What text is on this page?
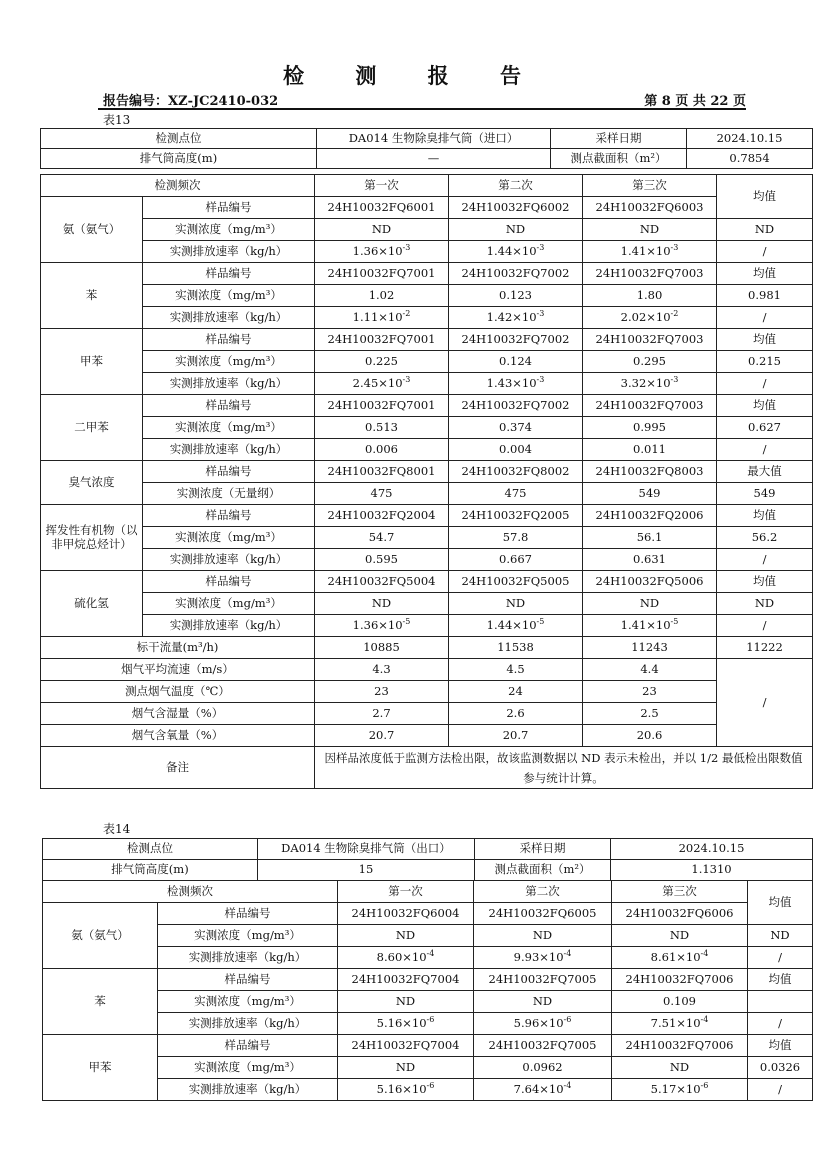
检 测 报 告
报告编号：XZ-JC2410-032	第 8 页 共 22 页
表13
检测点位	DA014 生物除臭排气筒（进口）	采样日期	2024.10.15
排气筒高度(m)	—	测点截面积（m²）	0.7854
检测频次		第一次	第二次	第三次	均值
氨（氨气）	样品编号	24H10032FQ6001	24H10032FQ6002	24H10032FQ6003	
	实测浓度（mg/m³）	ND	ND	ND	ND
	实测排放速率（kg/h）	$1.36\times 10^{-3}$	$1.44\times 10^{-3}$	$1.41\times 10^{-3}$	/
苯	样品编号	24H10032FQ7001	24H10032FQ7002	24H10032FQ7003	均值
	实测浓度（mg/m³）	1.02	0.123	1.80	0.981
	实测排放速率（kg/h）	$1.11\times 10^{-2}$	$1.42\times 10^{-3}$	$2.02\times 10^{-2}$	/
甲苯	样品编号	24H10032FQ7001	24H10032FQ7002	24H10032FQ7003	均值
	实测浓度（mg/m³）	0.225	0.124	0.295	0.215
	实测排放速率（kg/h）	$2.45\times 10^{-3}$	$1.43\times 10^{-3}$	$3.32\times 10^{-3}$	/
二甲苯	样品编号	24H10032FQ7001	24H10032FQ7002	24H10032FQ7003	均值
	实测浓度（mg/m³）	0.513	0.374	0.995	0.627
	实测排放速率（kg/h）	0.006	0.004	0.011	/
臭气浓度	样品编号	24H10032FQ8001	24H10032FQ8002	24H10032FQ8003	最大值
	实测浓度（无量纲）	475	475	549	549
挥发性有机物（以非甲烷总烃计）	样品编号	24H10032FQ2004	24H10032FQ2005	24H10032FQ2006	均值
	实测浓度（mg/m³）	54.7	57.8	56.1	56.2
	实测排放速率（kg/h）	0.595	0.667	0.631	/
硫化氢	样品编号	24H10032FQ5004	24H10032FQ5005	24H10032FQ5006	均值
	实测浓度（mg/m³）	ND	ND	ND	ND
	实测排放速率（kg/h）	$1.36\times 10^{-5}$	$1.44\times 10^{-5}$	$1.41\times 10^{-5}$	/
标干流量(m³/h)		10885	11538	11243	11222
烟气平均流速（m/s）		4.3	4.5	4.4	/
测点烟气温度（℃）		23	24	23	
烟气含湿量（%）		2.7	2.6	2.5	
烟气含氧量（%）		20.7	20.7	20.6	
备注		因样品浓度低于监测方法检出限，故该监测数据以 ND 表示未检出，并以 1/2 最低检出限数值参与统计计算。			
表14
检测点位	DA014 生物除臭排气筒（出口）	采样日期	2024.10.15
排气筒高度(m)	15	测点截面积（m²）	1.1310
检测频次		第一次	第二次	第三次	均值
氨（氨气）	样品编号	24H10032FQ6004	24H10032FQ6005	24H10032FQ6006	
	实测浓度（mg/m³）	ND	ND	ND	ND
	实测排放速率（kg/h）	$8.60\times 10^{-4}$	$9.93\times 10^{-4}$	$8.61\times 10^{-4}$	/
苯	样品编号	24H10032FQ7004	24H10032FQ7005	24H10032FQ7006	均值
	实测浓度（mg/m³）	ND	ND	0.109	
	实测排放速率（kg/h）	$5.16\times 10^{-6}$	$5.96\times 10^{-6}$	$7.51\times 10^{-4}$	/
甲苯	样品编号	24H10032FQ7004	24H10032FQ7005	24H10032FQ7006	均值
	实测浓度（mg/m³）	ND	0.0962	ND	0.0326
	实测排放速率（kg/h）	$5.16\times 10^{-6}$	$7.64\times 10^{-4}$	$5.17\times 10^{-6}$	/
